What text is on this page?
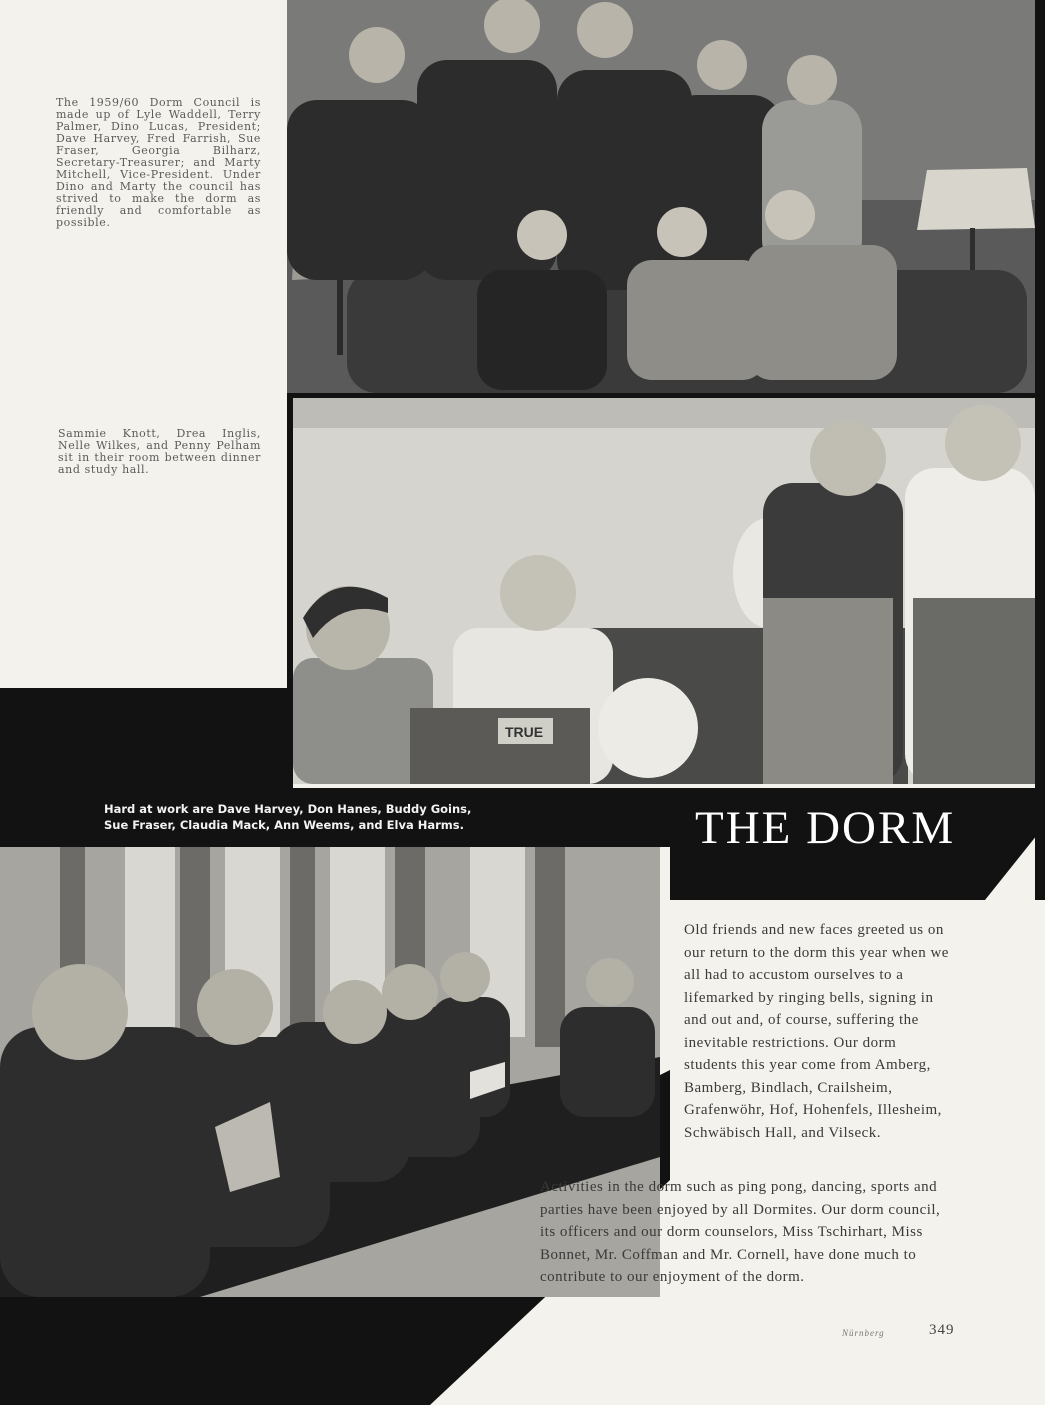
The 1959/60 Dorm Council is made up of Lyle Waddell, Terry Palmer, Dino Lucas, President; Dave Harvey, Fred Farrish, Sue Fraser, Georgia Bilharz, Secretary-Treasurer; and Marty Mitchell, Vice-President. Under Dino and Marty the council has strived to make the dorm as friendly and comfortable as possible.
TRUE
Sammie Knott, Drea Inglis, Nelle Wilkes, and Penny Pelham sit in their room between dinner and study hall.
Hard at work are Dave Harvey, Don Hanes, Buddy Goins, Sue Fraser, Claudia Mack, Ann Weems, and Elva Harms.	THE DORM

Old friends and new faces greeted us on our return to the dorm this year when we all had to accustom ourselves to a lifemarked by ringing bells, signing in and out and, of course, suffering the inevitable restrictions. Our dorm students this year come from Amberg, Bamberg, Bindlach, Crailsheim, Grafenwöhr, Hof, Hohenfels, Illesheim, Schwäbisch Hall, and Vilseck.

Activities in the dorm such as ping pong, dancing, sports and parties have been enjoyed by all Dormites. Our dorm council, its officers and our dorm counselors, Miss Tschirhart, Miss Bonnet, Mr. Coffman and Mr. Cornell, have done much to contribute to our enjoyment of the dorm.

Nürnberg	349
